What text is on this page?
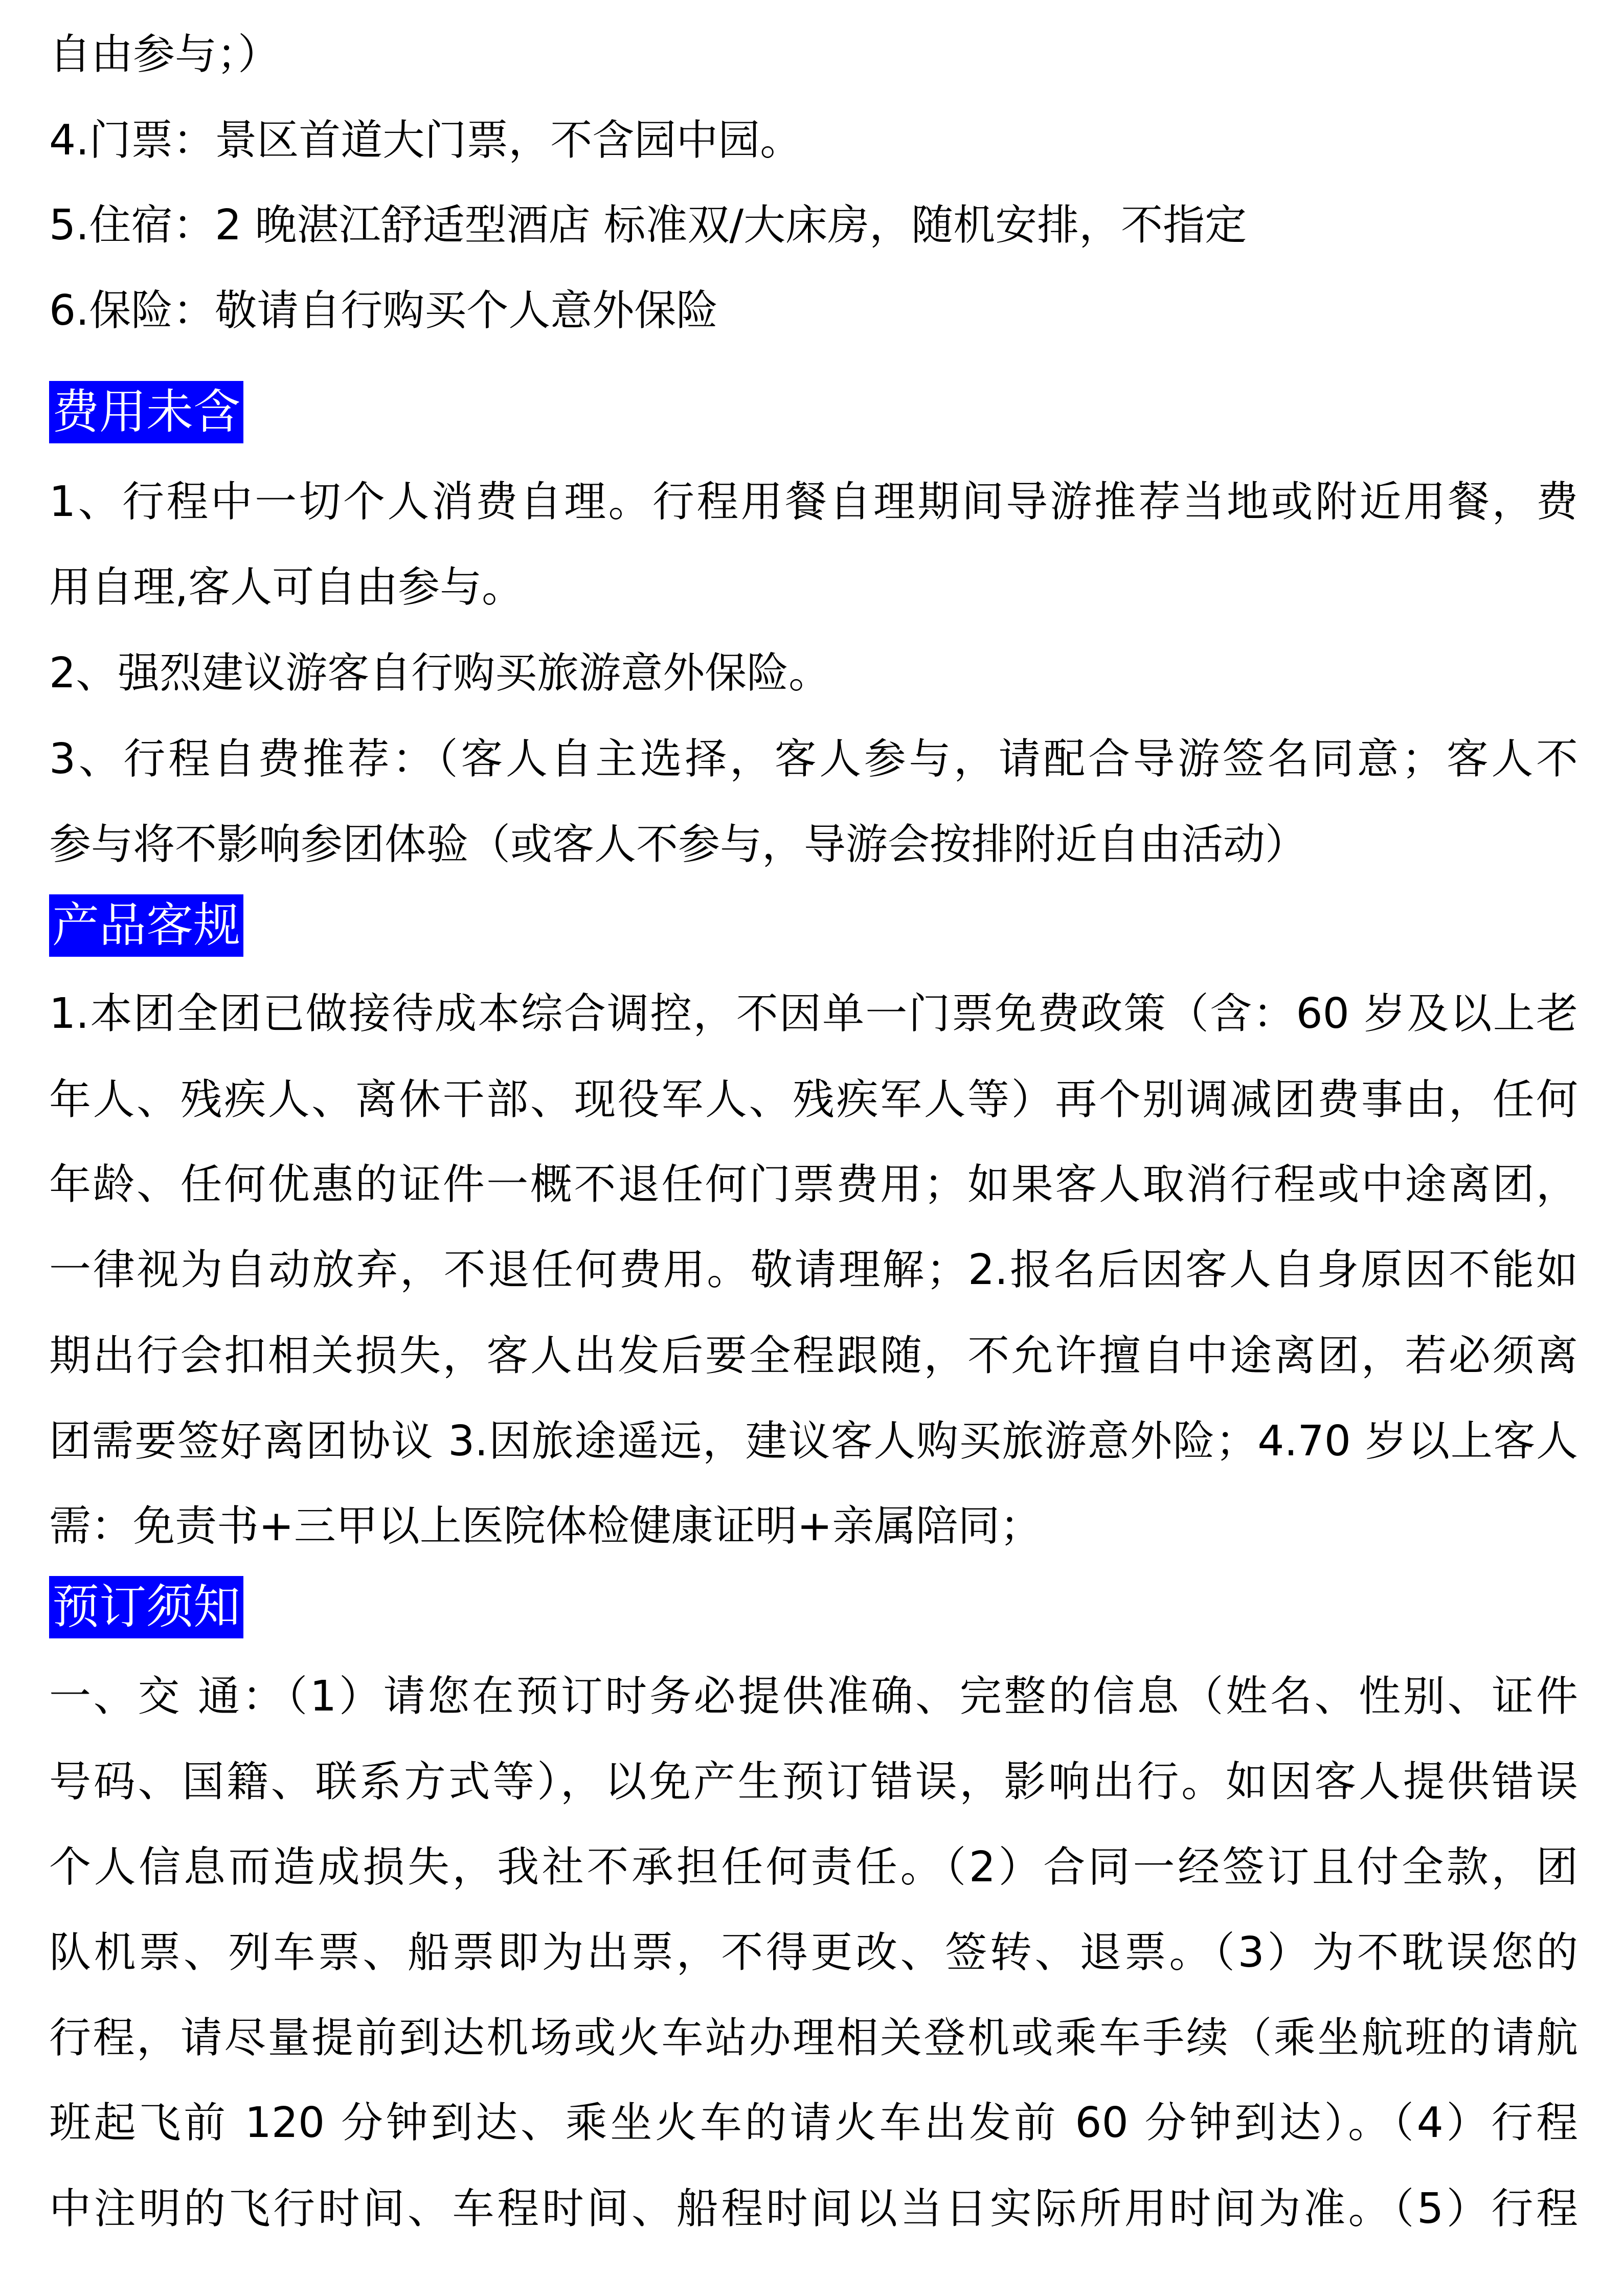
自由参与；）
4.门票：景区首道大门票，不含园中园。
5.住宿：2 晚湛江舒适型酒店 标准双/大床房，随机安排，不指定
6.保险：敬请自行购买个人意外保险
费用未含
1、行程中一切个人消费自理。行程用餐自理期间导游推荐当地或附近用餐，费
用自理,客人可自由参与。
2、强烈建议游客自行购买旅游意外保险。
3、行程自费推荐：（客人自主选择，客人参与，请配合导游签名同意；客人不
参与将不影响参团体验（或客人不参与，导游会按排附近自由活动）
产品客规
1.本团全团已做接待成本综合调控，不因单一门票免费政策（含：60 岁及以上老
年人、残疾人、离休干部、现役军人、残疾军人等）再个别调减团费事由，任何
年龄、任何优惠的证件一概不退任何门票费用；如果客人取消行程或中途离团，
一律视为自动放弃，不退任何费用。敬请理解；2.报名后因客人自身原因不能如
期出行会扣相关损失，客人出发后要全程跟随，不允许擅自中途离团，若必须离
团需要签好离团协议 3.因旅途遥远，建议客人购买旅游意外险；4.70 岁以上客人
需：免责书+三甲以上医院体检健康证明+亲属陪同；
预订须知
一、交 通：（1）请您在预订时务必提供准确、完整的信息（姓名、性别、证件
号码、国籍、联系方式等），以免产生预订错误，影响出行。如因客人提供错误
个人信息而造成损失，我社不承担任何责任。（2）合同一经签订且付全款，团
队机票、列车票、船票即为出票，不得更改、签转、退票。（3）为不耽误您的
行程，请尽量提前到达机场或火车站办理相关登机或乘车手续（乘坐航班的请航
班起飞前 120 分钟到达、乘坐火车的请火车出发前 60 分钟到达）。（4）行程
中注明的飞行时间、车程时间、船程时间以当日实际所用时间为准。（5）行程
